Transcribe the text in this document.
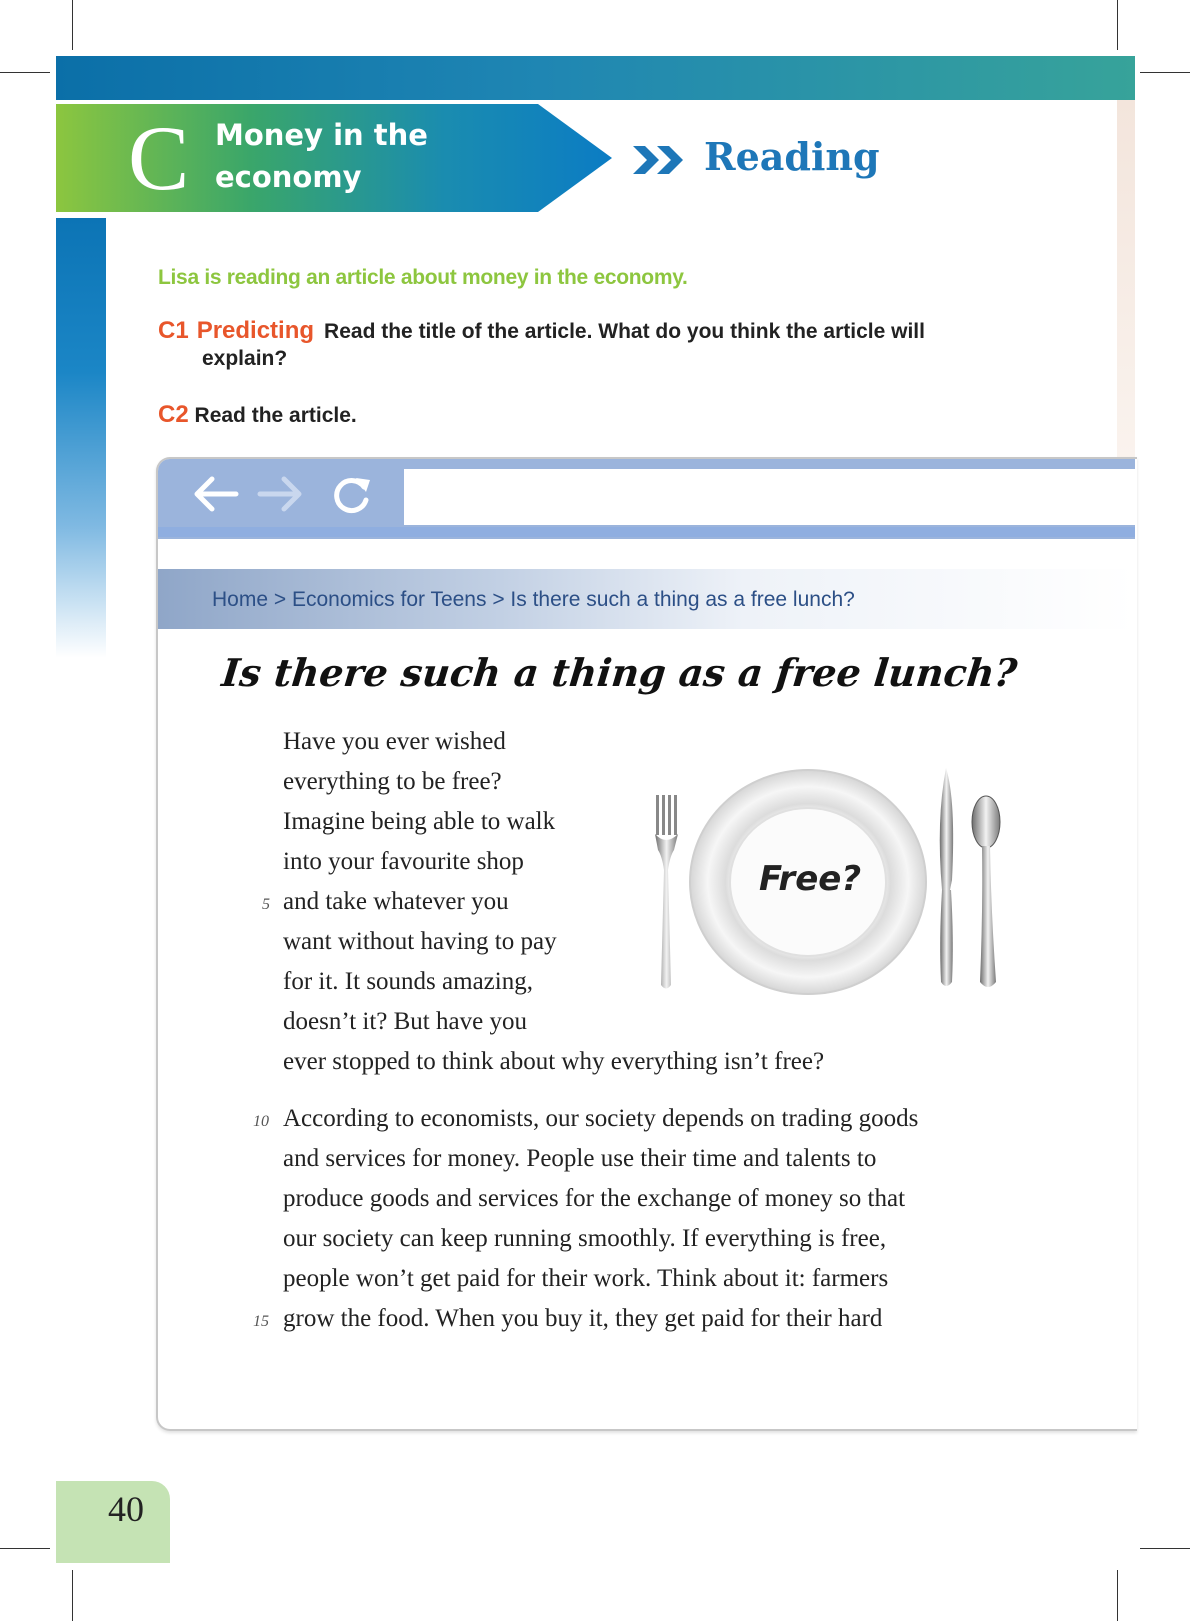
C Money in the
economy	Reading
Lisa is reading an article about money in the economy.
C1 Predicting Read the title of the article. What do you think the article will
explain?
C2 Read the article.
Home > Economics for Teens > Is there such a thing as a free lunch?
Is there such a thing as a free lunch?
Have you ever wished
everything to be free?
Imagine being able to walk
into your favourite shop
and take whatever you
want without having to pay
for it. It sounds amazing,
doesn’t it? But have you
ever stopped to think about why everything isn’t free?
According to economists, our society depends on trading goods
and services for money. People use their time and talents to
produce goods and services for the exchange of money so that
our society can keep running smoothly. If everything is free,
people won’t get paid for their work. Think about it: farmers
grow the food. When you buy it, they get paid for their hard
5
10
15
Free?
40
